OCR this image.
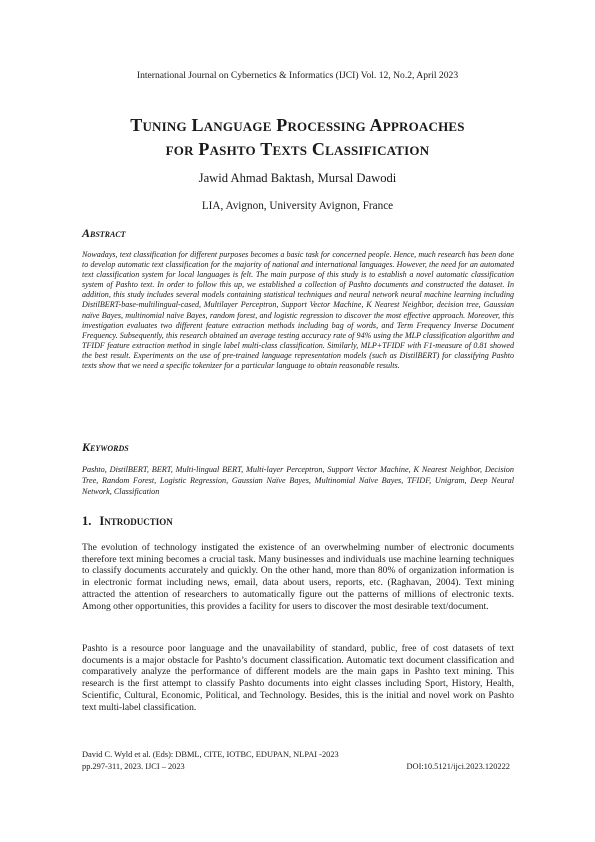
International Journal on Cybernetics & Informatics (IJCI) Vol. 12, No.2, April 2023
Tuning Language Processing Approaches
for Pashto Texts Classification
Jawid Ahmad Baktash, Mursal Dawodi
LIA, Avignon, University Avignon, France
Abstract
Nowadays, text classification for different purposes becomes a basic task for concerned people. Hence, much research has been done to develop automatic text classification for the majority of national and international languages. However, the need for an automated text classification system for local languages is felt. The main purpose of this study is to establish a novel automatic classification system of Pashto text. In order to follow this up, we established a collection of Pashto documents and constructed the dataset. In addition, this study includes several models containing statistical techniques and neural network neural machine learning including DistilBERT-base-multilingual-cased, Multilayer Perceptron, Support Vector Machine, K Nearest Neighbor, decision tree, Gaussian naïve Bayes, multinomial naïve Bayes, random forest, and logistic regression to discover the most effective approach. Moreover, this investigation evaluates two different feature extraction methods including bag of words, and Term Frequency Inverse Document Frequency. Subsequently, this research obtained an average testing accuracy rate of 94% using the MLP classification algorithm and TFIDF feature extraction method in single label multi-class classification. Similarly, MLP+TFIDF with F1-measure of 0.81 showed the best result. Experiments on the use of pre-trained language representation models (such as DistilBERT) for classifying Pashto texts show that we need a specific tokenizer for a particular language to obtain reasonable results.
Keywords
Pashto, DistilBERT, BERT, Multi-lingual BERT, Multi-layer Perceptron, Support Vector Machine, K Nearest Neighbor, Decision Tree, Random Forest, Logistic Regression, Gaussian Naïve Bayes, Multinomial Naïve Bayes, TFIDF, Unigram, Deep Neural Network, Classification
1. Introduction
The evolution of technology instigated the existence of an overwhelming number of electronic documents therefore text mining becomes a crucial task. Many businesses and individuals use machine learning techniques to classify documents accurately and quickly. On the other hand, more than 80% of organization information is in electronic format including news, email, data about users, reports, etc. (Raghavan, 2004). Text mining attracted the attention of researchers to automatically figure out the patterns of millions of electronic texts. Among other opportunities, this provides a facility for users to discover the most desirable text/document.
Pashto is a resource poor language and the unavailability of standard, public, free of cost datasets of text documents is a major obstacle for Pashto’s document classification. Automatic text document classification and comparatively analyze the performance of different models are the main gaps in Pashto text mining. This research is the first attempt to classify Pashto documents into eight classes including Sport, History, Health, Scientific, Cultural, Economic, Political, and Technology. Besides, this is the initial and novel work on Pashto text multi-label classification.
David C. Wyld et al. (Eds): DBML, CITE, IOTBC, EDUPAN, NLPAI -2023
pp.297-311, 2023. IJCI – 2023	DOI:10.5121/ijci.2023.120222
